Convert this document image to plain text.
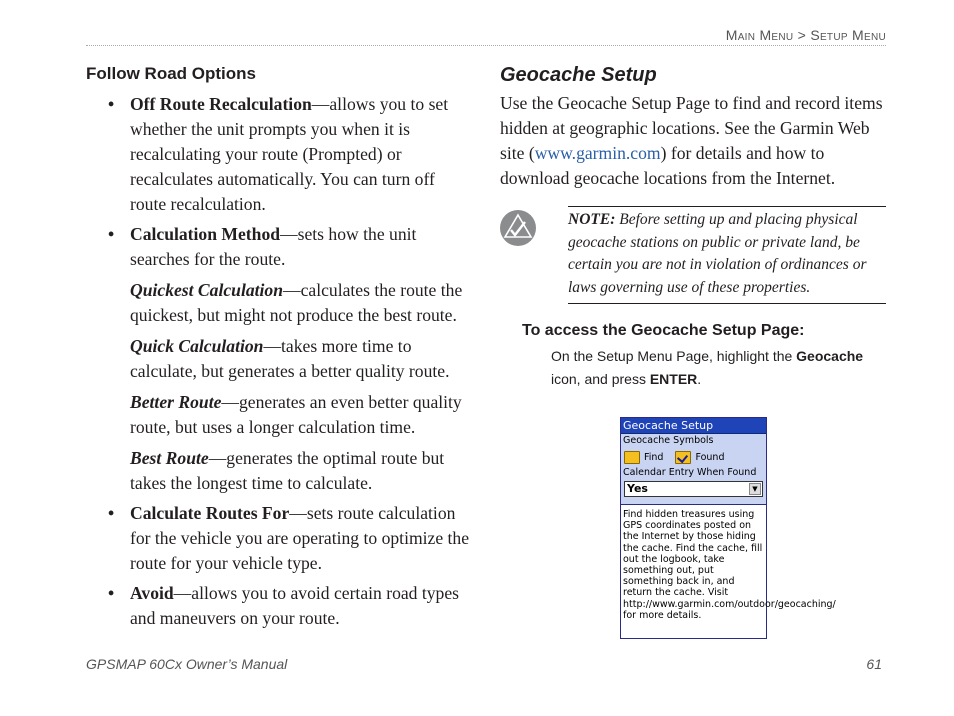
Main Menu > Setup Menu
Follow Road Options
• Off Route Recalculation—allows you to set whether the unit prompts you when it is recalculating your route (Prompted) or recalculates automatically. You can turn off route recalculation.
• Calculation Method—sets how the unit searches for the route.

Quickest Calculation—calculates the route the quickest, but might not produce the best route.

Quick Calculation—takes more time to calculate, but generates a better quality route.

Better Route—generates an even better quality route, but uses a longer calculation time.

Best Route—generates the optimal route but takes the longest time to calculate.

• Calculate Routes For—sets route calculation for the vehicle you are operating to optimize the route for your vehicle type.
• Avoid—allows you to avoid certain road types and maneuvers on your route.
Geocache Setup

Use the Geocache Setup Page to find and record items hidden at geographic locations. See the Garmin Web site (www.garmin.com) for details and how to download geocache locations from the Internet.

NOTE: Before setting up and placing physical geocache stations on public or private land, be certain you are not in violation of ordinances or laws governing use of these properties.
To access the Geocache Setup Page:
On the Setup Menu Page, highlight the Geocache icon, and press ENTER.
Geocache Setup
Geocache Symbols
Find	Found
Calendar Entry When Found
Yes	▼
Find hidden treasures using GPS coordinates posted on the Internet by those hiding the cache. Find the cache, fill out the logbook, take something out, put something back in, and return the cache. Visit http://www.garmin.com/outdoor/geocaching/ for more details.
GPSMAP 60Cx Owner’s Manual	61
